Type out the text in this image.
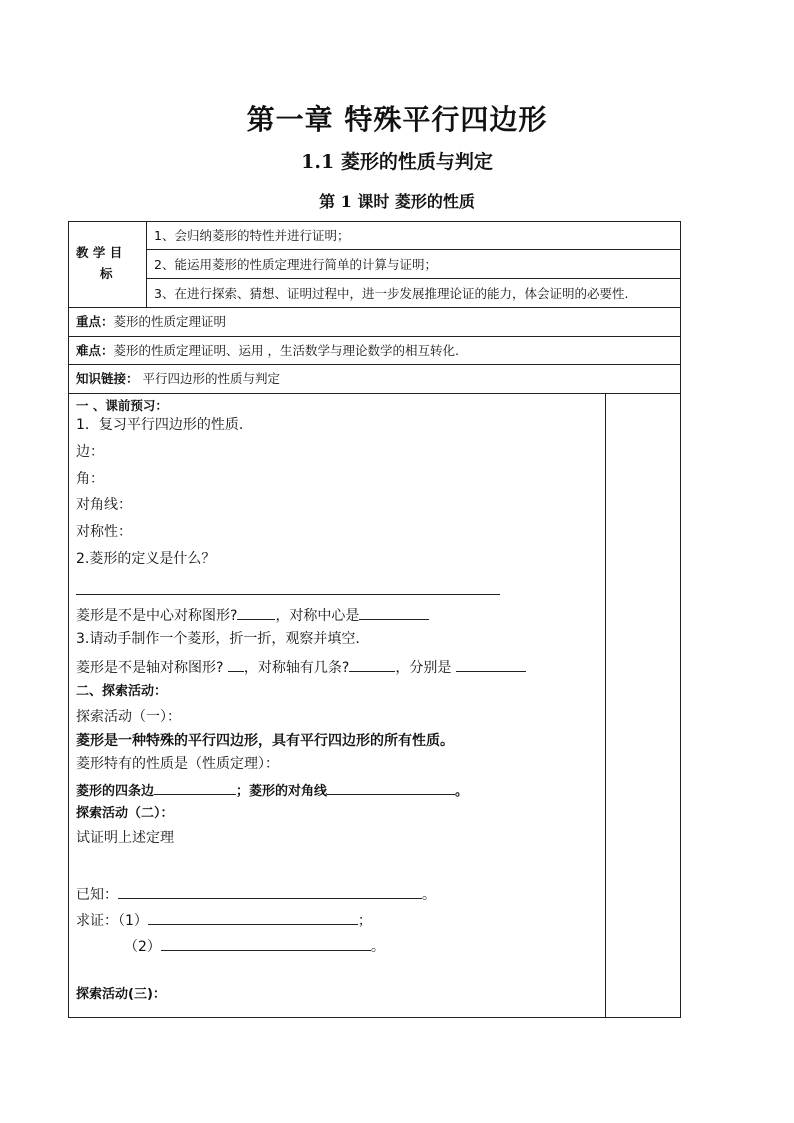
第一章 特殊平行四边形
1.1 菱形的性质与判定
第 1 课时 菱形的性质
教 学 目
标
1、会归纳菱形的特性并进行证明；
2、能运用菱形的性质定理进行简单的计算与证明；
3、在进行探索、猜想、证明过程中，进一步发展推理论证的能力，体会证明的必要性.
重点：菱形的性质定理证明
难点：菱形的性质定理证明、运用 ，生活数学与理论数学的相互转化.
知识链接： 平行四边形的性质与判定
一 、课前预习：
1．复习平行四边形的性质.
边：
角：
对角线：
对称性：
2.菱形的定义是什么？
菱形是不是中心对称图形?	，对称中心是
3.请动手制作一个菱形，折一折，观察并填空.
菱形是不是轴对称图形? ，对称轴有几条?	，分别是
二、探索活动：
探索活动（一）：
菱形是一种特殊的平行四边形，具有平行四边形的所有性质。
菱形特有的性质是（性质定理）：
菱形的四条边	；菱形的对角线	。
探索活动（二）：
试证明上述定理
已知：	。
求证：（1）	；
（2）	。
探索活动(三)：
